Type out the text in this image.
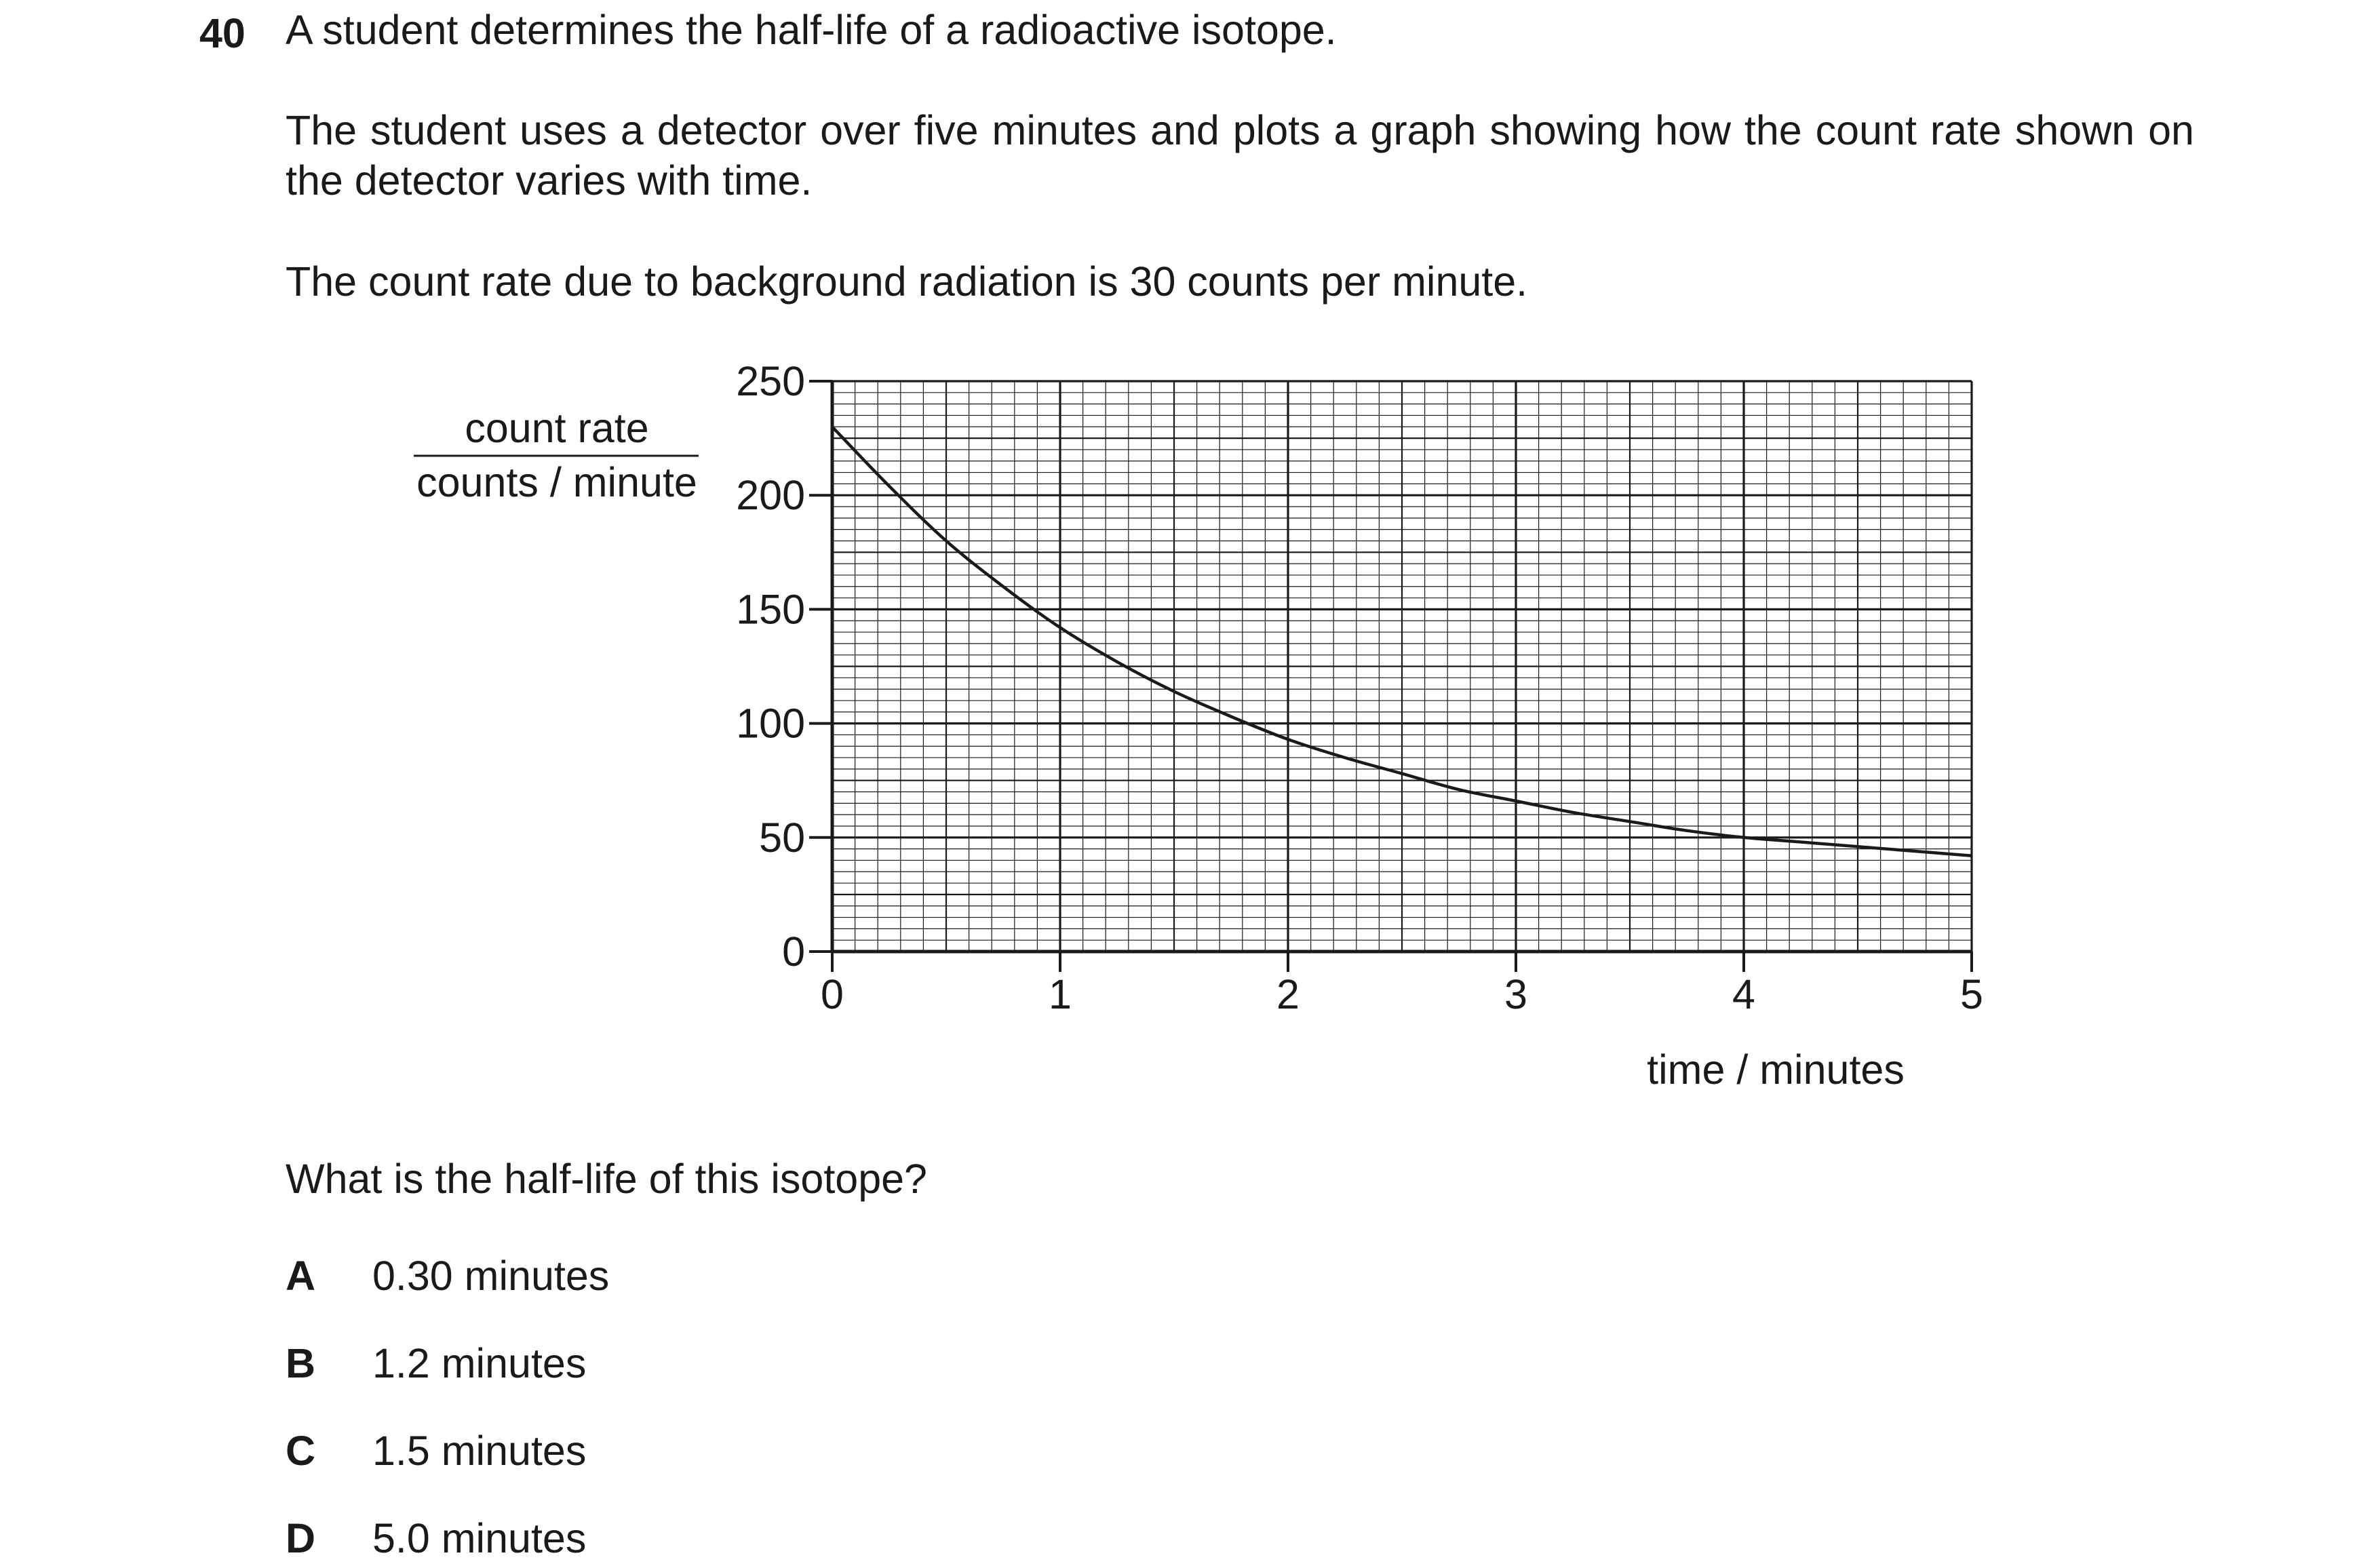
40 A student determines the half-life of a radioactive isotope.
The student uses a detector over five minutes and plots a graph showing how the count rate shown on the detector varies with time.
The count rate due to background radiation is 30 counts per minute.
0
50
100
150
200
250
0	1	2	3	4	5
count rate
counts / minute
time / minutes
What is the half-life of this isotope?
A 0.30 minutes
B 1.2 minutes
C 1.5 minutes
D 5.0 minutes
